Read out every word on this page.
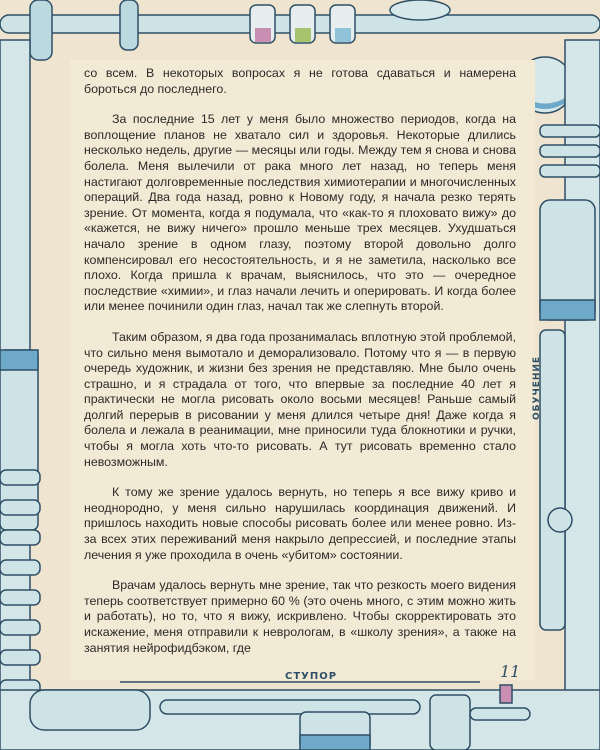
со всем. В некоторых вопросах я не готова сдаваться и намерена бороться до последнего.

За последние 15 лет у меня было множество периодов, когда на воплощение планов не хватало сил и здоровья. Некоторые длились несколько недель, другие — месяцы или годы. Между тем я снова и снова болела. Меня вылечили от рака много лет назад, но теперь меня настигают долговременные последствия химиотерапии и многочисленных операций. Два года назад, ровно к Новому году, я начала резко терять зрение. От момента, когда я подумала, что «как-то я плоховато вижу» до «кажется, не вижу ничего» прошло меньше трех месяцев. Ухудшаться начало зрение в одном глазу, поэтому второй довольно долго компенсировал его несостоятельность, и я не заметила, насколько все плохо. Когда пришла к врачам, выяснилось, что это — очередное последствие «химии», и глаз начали лечить и оперировать. И когда более или менее починили один глаз, начал так же слепнуть второй.

Таким образом, я два года прозанималась вплотную этой проблемой, что сильно меня вымотало и деморализовало. Потому что я — в первую очередь художник, и жизни без зрения не представляю. Мне было очень страшно, и я страдала от того, что впервые за последние 40 лет я практически не могла рисовать около восьми месяцев! Раньше самый долгий перерыв в рисовании у меня длился четыре дня! Даже когда я болела и лежала в реанимации, мне приносили туда блокнотики и ручки, чтобы я могла хоть что-то рисовать. А тут рисовать временно стало невозможным.

К тому же зрение удалось вернуть, но теперь я все вижу криво и неоднородно, у меня сильно нарушилась координация движений. И пришлось находить новые способы рисовать более или менее ровно. Из-за всех этих переживаний меня накрыло депрессией, и последние этапы лечения я уже проходила в очень «убитом» состоянии.

Врачам удалось вернуть мне зрение, так что резкость моего видения теперь соответствует примерно 60 % (это очень много, с этим можно жить и работать), но то, что я вижу, искривлено. Чтобы скорректировать это искажение, меня отправили к неврологам, в «школу зрения», а также на занятия нейрофидбэком, где

СТУПОР
ОБУЧЕНИЕ
11
